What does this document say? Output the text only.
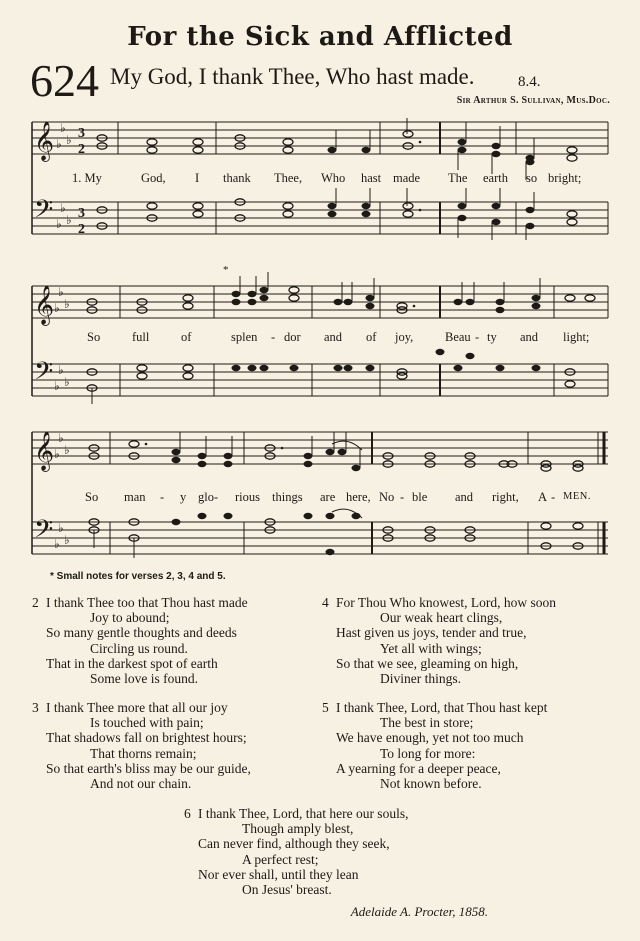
For the Sick and Afflicted
624 My God, I thank Thee, Who hast made.	8.4.
Sir Arthur S. Sullivan, Mus.Doc.
𝄞
𝄢
♭
♭
♭
♭
♭
♭
3
2
3
2
1. My	God, I thank Thee, Who hast made The earth so bright;
*
𝄞
𝄢
♭
♭
♭
♭
♭
♭
So	full	of	splen - dor and of joy,	Beau - ty and light;
𝄞
𝄢
♭
♭
♭
♭
♭
♭
So man - y glo- rious things are here, No - ble and right, A - MEN.
* Small notes for verses 2, 3, 4 and 5.
2 I thank Thee too that Thou hast made
Joy to abound;
So many gentle thoughts and deeds
Circling us round.
That in the darkest spot of earth
Some love is found.
3 I thank Thee more that all our joy
Is touched with pain;
That shadows fall on brightest hours;
That thorns remain;
So that earth's bliss may be our guide,
And not our chain.
4 For Thou Who knowest, Lord, how soon
Our weak heart clings,
Hast given us joys, tender and true,
Yet all with wings;
So that we see, gleaming on high,
Diviner things.
5 I thank Thee, Lord, that Thou hast kept
The best in store;
We have enough, yet not too much
To long for more:
A yearning for a deeper peace,
Not known before.
6 I thank Thee, Lord, that here our souls,
Though amply blest,
Can never find, although they seek,
A perfect rest;
Nor ever shall, until they lean
On Jesus' breast.
Adelaide A. Procter, 1858.
